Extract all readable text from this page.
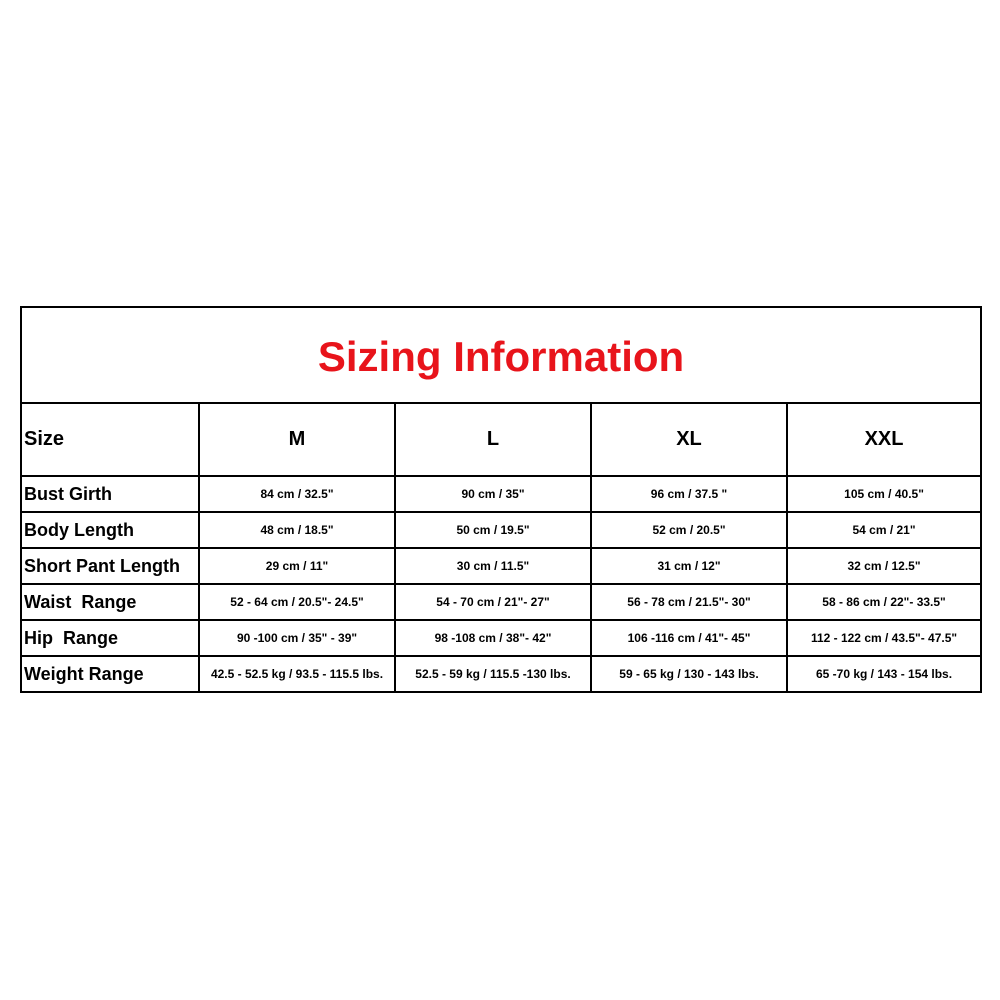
Sizing Information				
Size	M	L	XL	XXL
Bust Girth	84 cm / 32.5"	90 cm / 35"	96 cm / 37.5 "	105 cm / 40.5"
Body Length	48 cm / 18.5"	50 cm / 19.5"	52 cm / 20.5"	54 cm / 21"
Short Pant Length	29 cm / 11"	30 cm / 11.5"	31 cm / 12"	32 cm / 12.5"
Waist  Range	52 - 64 cm / 20.5"- 24.5"	54 - 70 cm / 21"- 27"	56 - 78 cm / 21.5"- 30"	58 - 86 cm / 22"- 33.5"
Hip  Range	90 -100 cm / 35" - 39"	98 -108 cm / 38"- 42"	106 -116 cm / 41"- 45"	112 - 122 cm / 43.5"- 47.5"
Weight Range	42.5 - 52.5 kg / 93.5 - 115.5 lbs.	52.5 - 59 kg / 115.5 -130 lbs.	59 - 65 kg / 130 - 143 lbs.	65 -70 kg / 143 - 154 lbs.
